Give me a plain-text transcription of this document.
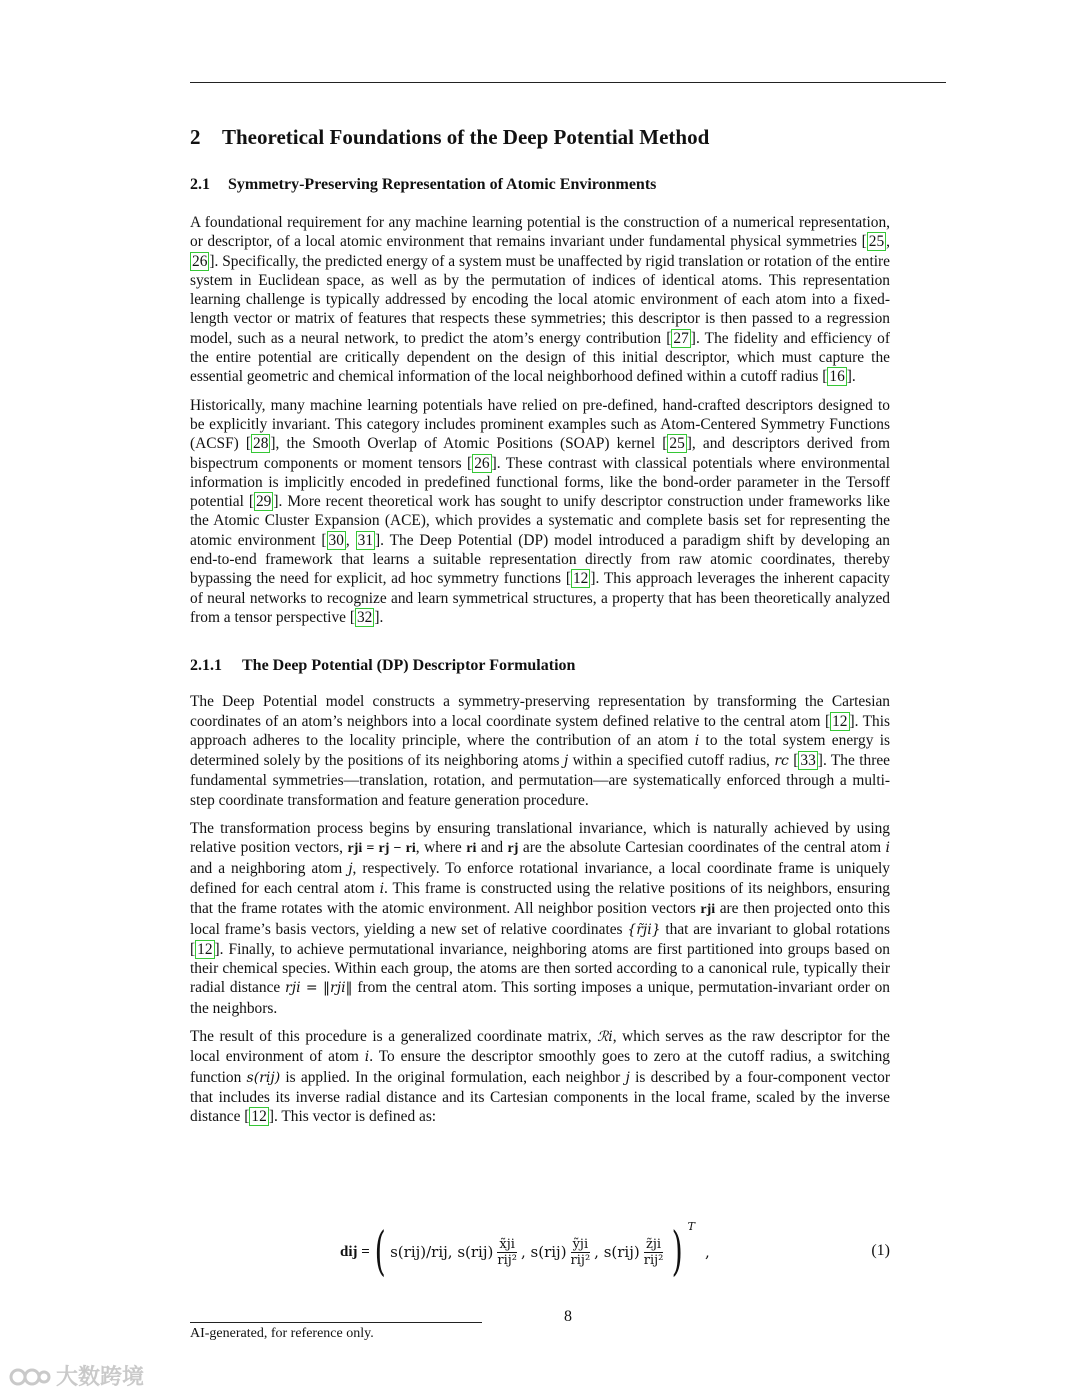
2 Theoretical Foundations of the Deep Potential Method
2.1 Symmetry-Preserving Representation of Atomic Environments

A foundational requirement for any machine learning potential is the construction of a numerical representation, or descriptor, of a local atomic environment that remains invariant under fundamental physical symmetries [ 25 , 26 ]. Specifically, the predicted energy of a system must be unaffected by rigid translation or rotation of the entire system in Euclidean space, as well as by the permutation of indices of identical atoms. This representation learning challenge is typically addressed by encoding the local atomic environment of each atom into a fixed-length vector or matrix of features that respects these symmetries; this descriptor is then passed to a regression model, such as a neural network, to predict the atom’s energy contribution [ 27 ]. The fidelity and efficiency of the entire potential are critically dependent on the design of this initial descriptor, which must capture the essential geometric and chemical information of the local neighborhood defined within a cutoff radius [ 16 ].

Historically, many machine learning potentials have relied on pre-defined, hand-crafted descriptors designed to be explicitly invariant. This category includes prominent examples such as Atom-Centered Symmetry Functions (ACSF) [ 28 ], the Smooth Overlap of Atomic Positions (SOAP) kernel [ 25 ], and descriptors derived from bispectrum components or moment tensors [ 26 ]. These contrast with classical potentials where environmental information is implicitly encoded in predefined functional forms, like the bond-order parameter in the Tersoff potential [ 29 ]. More recent theoretical work has sought to unify descriptor construction under frameworks like the Atomic Cluster Expansion (ACE), which provides a systematic and complete basis set for representing the atomic environment [ 30 , 31 ]. The Deep Potential (DP) model introduced a paradigm shift by developing an end-to-end framework that learns a suitable representation directly from raw atomic coordinates, thereby bypassing the need for explicit, ad hoc symmetry functions [ 12 ]. This approach leverages the inherent capacity of neural networks to recognize and learn symmetrical structures, a property that has been theoretically analyzed from a tensor perspective [ 32 ].

2.1.1 The Deep Potential (DP) Descriptor Formulation

The Deep Potential model constructs a symmetry-preserving representation by transforming the Cartesian coordinates of an atom’s neighbors into a local coordinate system defined relative to the central atom [ 12 ]. This approach adheres to the locality principle, where the contribution of an atom i to the total system energy is determined solely by the positions of its neighboring atoms j within a specified cutoff radius, rc [ 33 ]. The three fundamental symmetries—translation, rotation, and permutation—are systematically enforced through a multi-step coordinate transformation and feature generation procedure.

The transformation process begins by ensuring translational invariance, which is naturally achieved by using relative position vectors, rji = rj − ri, where ri and rj are the absolute Cartesian coordinates of the central atom i and a neighboring atom j, respectively. To enforce rotational invariance, a local coordinate frame is uniquely defined for each central atom i. This frame is constructed using the relative positions of its neighbors, ensuring that the frame rotates with the atomic environment. All neighbor position vectors rji are then projected onto this local frame’s basis vectors, yielding a new set of relative coordinates {r̃ji} that are invariant to global rotations [ 12 ]. Finally, to achieve permutational invariance, neighboring atoms are first partitioned into groups based on their chemical species. Within each group, the atoms are then sorted according to a canonical rule, typically their radial distance rji = ‖rji‖ from the central atom. This sorting imposes a unique, permutation-invariant order on the neighbors.

The result of this procedure is a generalized coordinate matrix, ℛi, which serves as the raw descriptor for the local environment of atom i. To ensure the descriptor smoothly goes to zero at the cutoff radius, a switching function s(rij) is applied. In the original formulation, each neighbor j is described by a four-component vector that includes its inverse radial distance and its Cartesian components in the local frame, scaled by the inverse distance [ 12 ]. This vector is defined as:

dij = ( s(rij)/rij, $s(rij) \frac{x̃ji}{\text{rij²}}$ , $s(rij) \frac{\text{ỹji}}{\text{rij²}}$ , $s(rij) \frac{z̃ji}{\text{rij²}}$ ) T
,	(1)
8
AI-generated, for reference only.
大数跨境
